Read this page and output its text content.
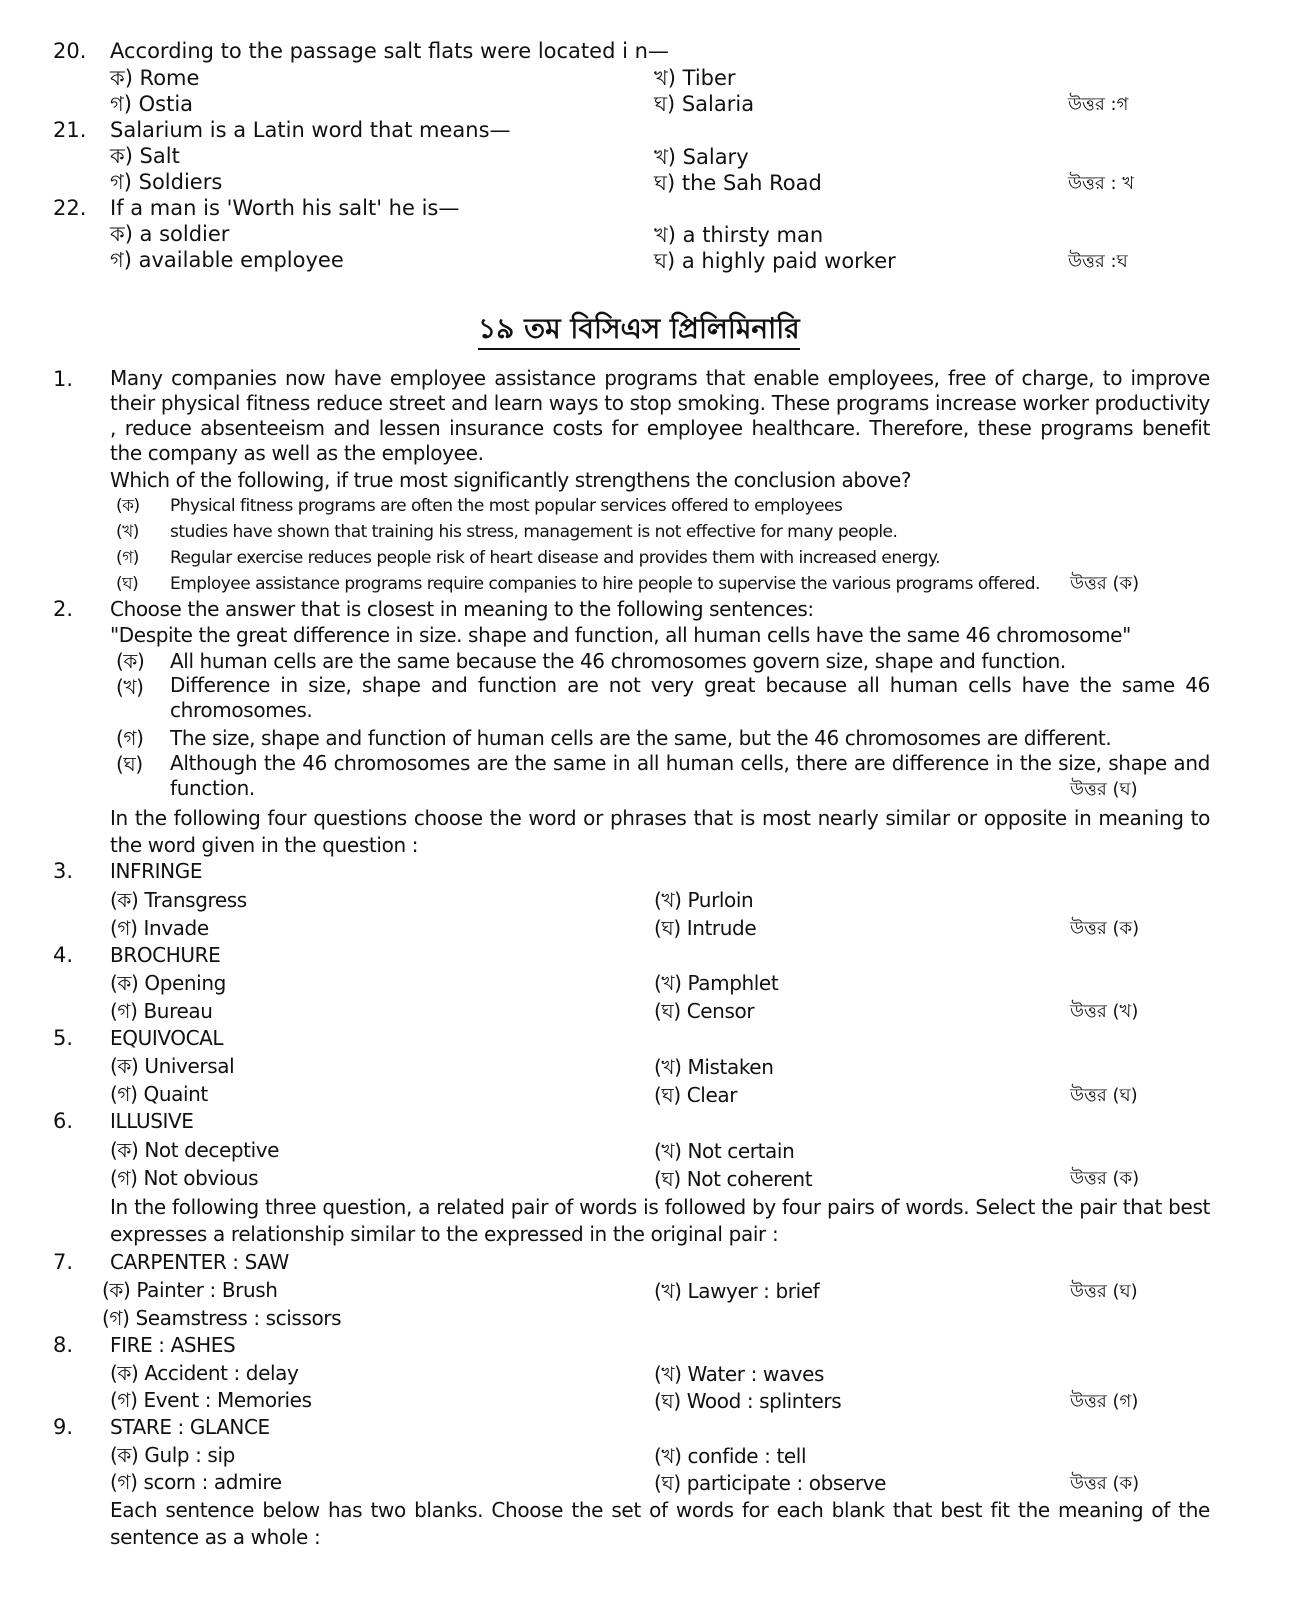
20. According to the passage salt flats were located i n—
ক) Rome	খ) Tiber
গ) Ostia	ঘ) Salaria	উত্তর :গ
21. Salarium is a Latin word that means—
ক) Salt	খ) Salary
গ) Soldiers	ঘ) the Sah Road	উত্তর : খ
22. If a man is 'Worth his salt' he is—
ক) a soldier	খ) a thirsty man
গ) available employee	ঘ) a highly paid worker	উত্তর :ঘ
১৯ তম বিসিএস প্রিলিমিনারি
1. Many companies now have employee assistance programs that enable employees, free of charge, to improve their physical fitness reduce street and learn ways to stop smoking. These programs increase worker productivity , reduce absenteeism and lessen insurance costs for employee healthcare. Therefore, these programs benefit the company as well as the employee.
Which of the following, if true most significantly strengthens the conclusion above?
(ক) Physical fitness programs are often the most popular services offered to employees
(খ) studies have shown that training his stress, management is not effective for many people.
(গ) Regular exercise reduces people risk of heart disease and provides them with increased energy.
(ঘ) Employee assistance programs require companies to hire people to supervise the various programs offered. উত্তর (ক)
2. Choose the answer that is closest in meaning to the following sentences:
"Despite the great difference in size. shape and function, all human cells have the same 46 chromosome"
(ক) All human cells are the same because the 46 chromosomes govern size, shape and function.
(খ) Difference in size, shape and function are not very great because all human cells have the same 46 chromosomes.
(গ) The size, shape and function of human cells are the same, but the 46 chromosomes are different.
(ঘ) Although the 46 chromosomes are the same in all human cells, there are difference in the size, shape and function.	উত্তর (ঘ)
In the following four questions choose the word or phrases that is most nearly similar or opposite in meaning to the word given in the question :
3. INFRINGE
(ক) Transgress	(খ) Purloin
(গ) Invade	(ঘ) Intrude	উত্তর (ক)
4. BROCHURE
(ক) Opening	(খ) Pamphlet
(গ) Bureau	(ঘ) Censor	উত্তর (খ)
5. EQUIVOCAL
(ক) Universal	(খ) Mistaken
(গ) Quaint	(ঘ) Clear	উত্তর (ঘ)
6. ILLUSIVE
(ক) Not deceptive	(খ) Not certain
(গ) Not obvious	(ঘ) Not coherent	উত্তর (ক)
In the following three question, a related pair of words is followed by four pairs of words. Select the pair that best expresses a relationship similar to the expressed in the original pair :
7. CARPENTER : SAW
(ক) Painter : Brush	(খ) Lawyer : brief	উত্তর (ঘ)
(গ) Seamstress : scissors
8. FIRE : ASHES
(ক) Accident : delay	(খ) Water : waves
(গ) Event : Memories	(ঘ) Wood : splinters	উত্তর (গ)
9. STARE : GLANCE
(ক) Gulp : sip	(খ) confide : tell
(গ) scorn : admire	(ঘ) participate : observe	উত্তর (ক)
Each sentence below has two blanks. Choose the set of words for each blank that best fit the meaning of the sentence as a whole :
